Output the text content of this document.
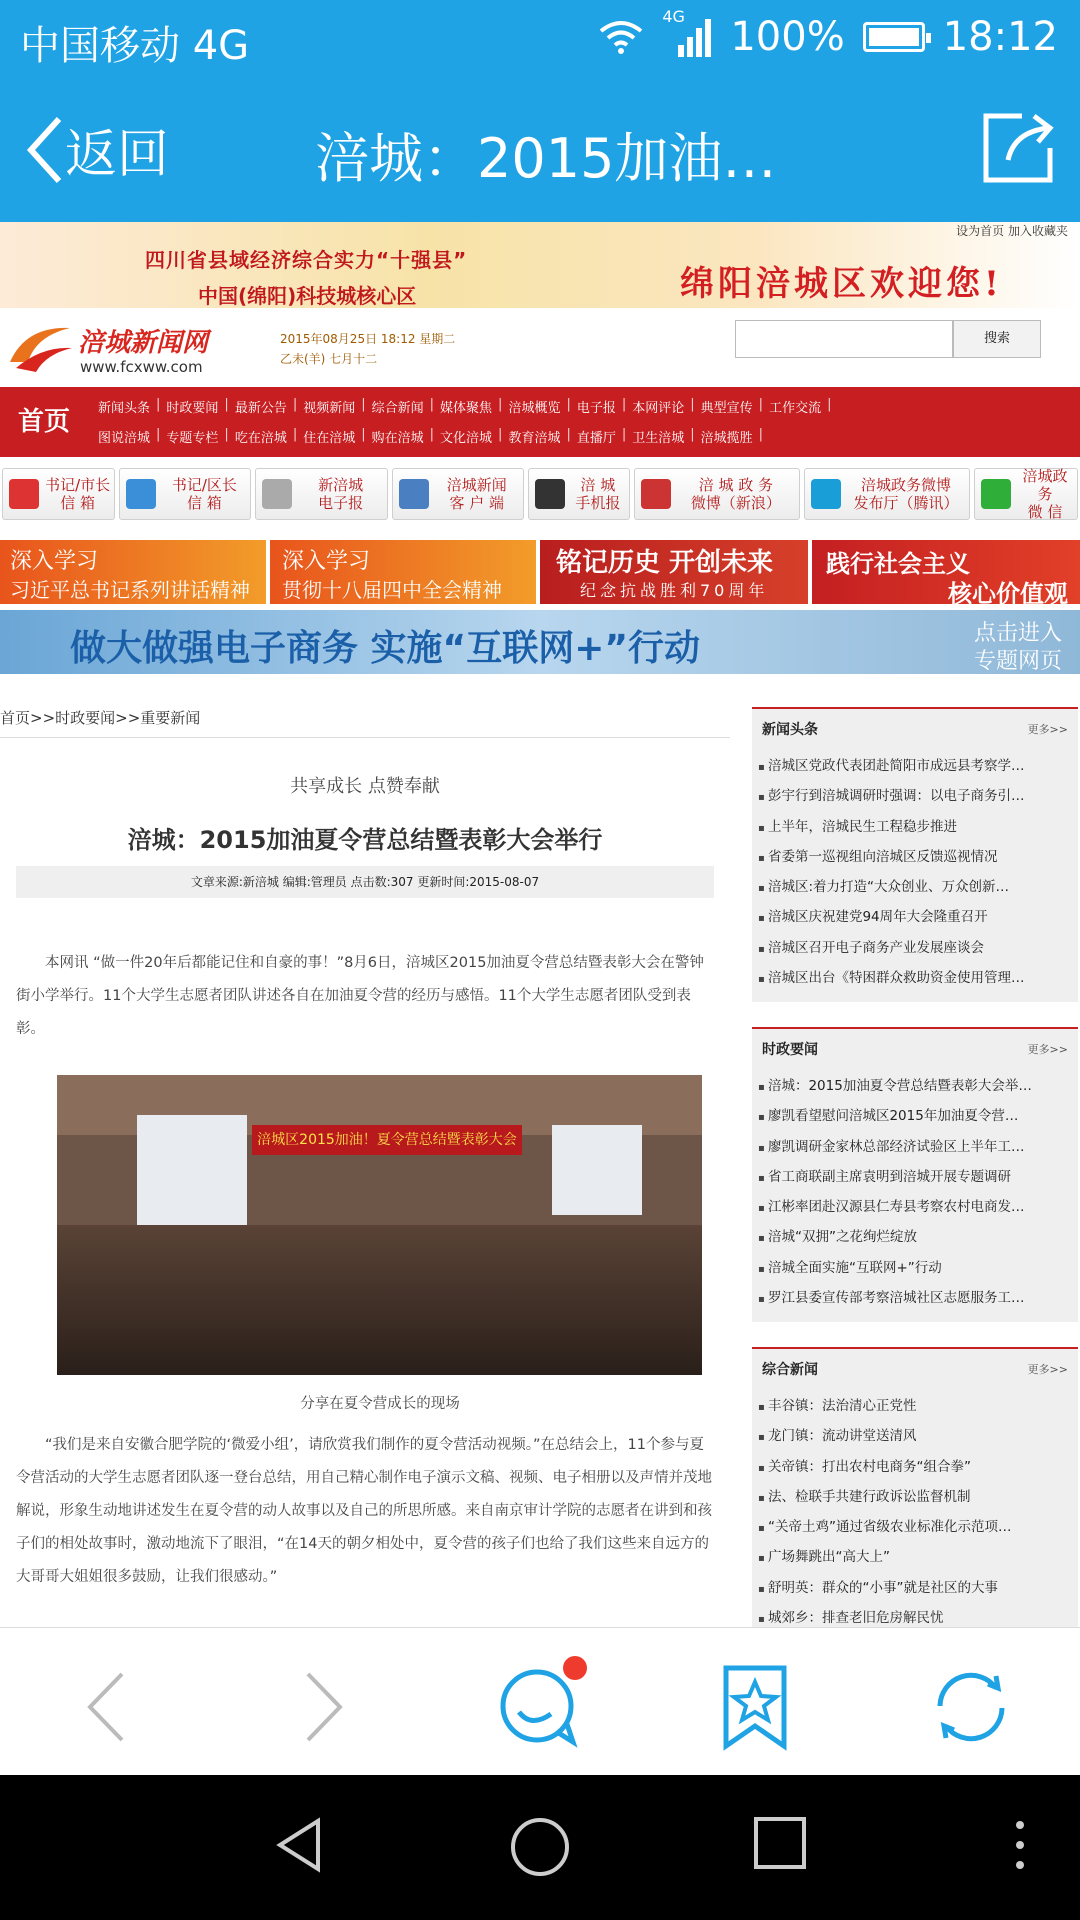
中国移动 4G
4G 100% 18:12
返回	涪城：2015加油…
四川省县域经济综合实力“十强县”
中国(绵阳)科技城核心区	绵阳涪城区欢迎您!
设为首页 加入收藏夹
涪城新闻网
www.fcxww.com
2015年08月25日 18:12 星期二
乙未(羊) 七月十二
搜索
首页 新闻头条 | 时政要闻 | 最新公告 | 视频新闻 | 综合新闻 | 媒体聚焦 | 涪城概览 | 电子报 | 本网评论 | 典型宣传 | 工作交流 |
图说涪城 | 专题专栏 | 吃在涪城 | 住在涪城 | 购在涪城 | 文化涪城 | 教育涪城 | 直播厅 | 卫生涪城 | 涪城揽胜 |
书记/市长
信 箱
书记/区长
信 箱
新涪城
电子报
涪城新闻
客 户 端
涪 城
手机报
涪 城 政 务
微博（新浪）
涪城政务微博
发布厅（腾讯）
涪城政务
微 信
深入学习
习近平总书记系列讲话精神
深入学习
贯彻十八届四中全会精神
铭记历史 开创未来
纪念抗战胜利70周年
践行社会主义
核心价值观
做大做强电子商务 实施“互联网+”行动	点击进入
专题网页
首页>>时政要闻>>重要新闻
共享成长 点赞奉献
涪城：2015加油夏令营总结暨表彰大会举行
文章来源:新涪城 编辑:管理员 点击数:307 更新时间:2015-08-07
　　本网讯 “做一件20年后都能记住和自豪的事！”8月6日，涪城区2015加油夏令营总结暨表彰大会在警钟街小学举行。11个大学生志愿者团队讲述各自在加油夏令营的经历与感悟。11个大学生志愿者团队受到表彰。
涪城区2015加油！夏令营总结暨表彰大会
分享在夏令营成长的现场
　　“我们是来自安徽合肥学院的‘微爱小组’，请欣赏我们制作的夏令营活动视频。”在总结会上，11个参与夏令营活动的大学生志愿者团队逐一登台总结，用自己精心制作电子演示文稿、视频、电子相册以及声情并茂地解说，形象生动地讲述发生在夏令营的动人故事以及自己的所思所感。来自南京审计学院的志愿者在讲到和孩子们的相处故事时，激动地流下了眼泪，“在14天的朝夕相处中，夏令营的孩子们也给了我们这些来自远方的大哥哥大姐姐很多鼓励，让我们很感动。”
新闻头条	更多>>
▪ 涪城区党政代表团赴简阳市成远县考察学…
▪ 彭宇行到涪城调研时强调：以电子商务引…
▪ 上半年，涪城民生工程稳步推进
▪ 省委第一巡视组向涪城区反馈巡视情况
▪ 涪城区:着力打造“大众创业、万众创新…
▪ 涪城区庆祝建党94周年大会隆重召开
▪ 涪城区召开电子商务产业发展座谈会
▪ 涪城区出台《特困群众救助资金使用管理…
时政要闻	更多>>
▪ 涪城：2015加油夏令营总结暨表彰大会举…
▪ 廖凯看望慰问涪城区2015年加油夏令营…
▪ 廖凯调研金家林总部经济试验区上半年工…
▪ 省工商联副主席袁明到涪城开展专题调研
▪ 江彬率团赴汉源县仁寿县考察农村电商发…
▪ 涪城“双拥”之花绚烂绽放
▪ 涪城全面实施“互联网+”行动
▪ 罗江县委宣传部考察涪城社区志愿服务工…
综合新闻	更多>>
▪ 丰谷镇：法治清心正党性
▪ 龙门镇：流动讲堂送清风
▪ 关帝镇：打出农村电商务“组合拳”
▪ 法、检联手共建行政诉讼监督机制
▪ “关帝土鸡”通过省级农业标准化示范项…
▪ 广场舞跳出“高大上”
▪ 舒明英：群众的“小事”就是社区的大事
▪ 城郊乡：排查老旧危房解民忧
